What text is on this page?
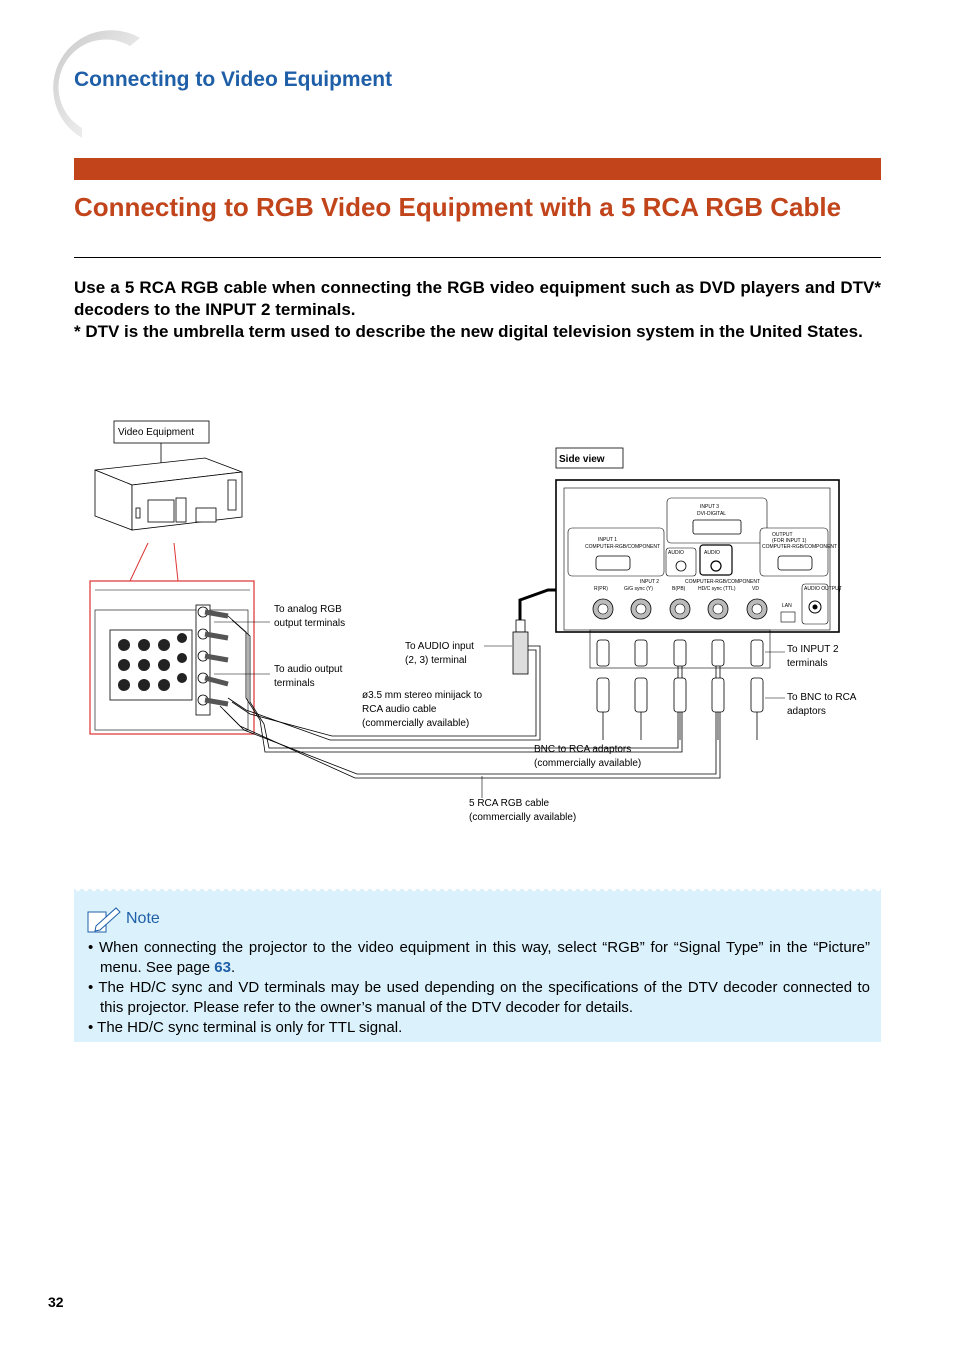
Connecting to Video Equipment
Connecting to RGB Video Equipment with a 5 RCA RGB Cable

Use a 5 RCA RGB cable when connecting the RGB video equipment such as DVD players and DTV* decoders to the INPUT 2 terminals.

* DTV is the umbrella term used to describe the new digital television system in the United States.

Video Equipment
To analog RGB
output terminals
To audio output
terminals
To AUDIO input
(2, 3) terminal
ø3.5 mm stereo minijack to
RCA audio cable
(commercially available)
BNC to RCA adaptors
(commercially available)
5 RCA RGB cable
(commercially available)
Side view
INPUT 3
DVI-DIGITAL
INPUT 1
COMPUTER-RGB/COMPONENT
AUDIO	AUDIO
OUTPUT
(FOR INPUT 1)
COMPUTER-RGB/COMPONENT
INPUT 2	COMPUTER-RGB/COMPONENT
R(PR)	G/G sync (Y)	B(PB)	HD/C sync (TTL)	VD
LAN
AUDIO OUTPUT
To INPUT 2
terminals
To BNC to RCA
adaptors
Note
• When connecting the projector to the video equipment in this way, select “RGB” for “Signal Type” in the “Picture” menu. See page 63.
• The HD/C sync and VD terminals may be used depending on the specifications of the DTV decoder connected to this projector. Please refer to the owner’s manual of the DTV decoder for details.
• The HD/C sync terminal is only for TTL signal.
32
